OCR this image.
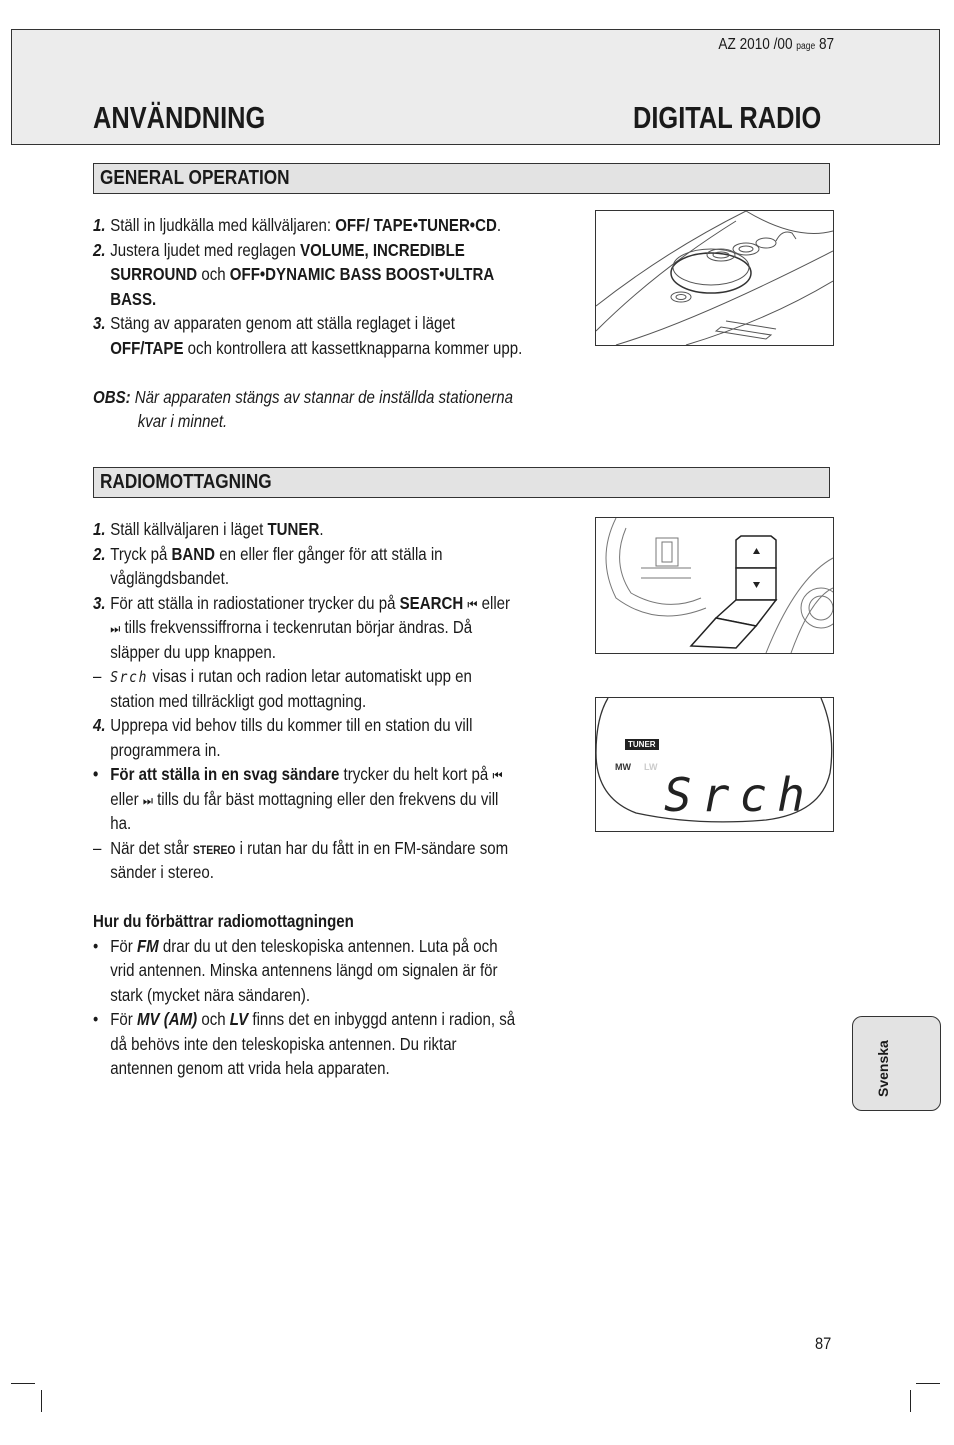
AZ 2010 /00 page 87
ANVÄNDNING	DIGITAL RADIO
GENERAL OPERATION
1. Ställ in ljudkälla med källväljaren: OFF/ TAPE•TUNER•CD.
2. Justera ljudet med reglagen VOLUME, INCREDIBLE
SURROUND och OFF•DYNAMIC BASS BOOST•ULTRA
BASS.
3. Stäng av apparaten genom att ställa reglaget i läget
OFF/TAPE och kontrollera att kassettknapparna kommer upp.
OBS: När apparaten stängs av stannar de inställda stationerna
kvar i minnet.
RADIOMOTTAGNING
1. Ställ källväljaren i läget TUNER.
2. Tryck på BAND en eller fler gånger för att ställa in
våglängdsbandet.
3. För att ställa in radiostationer trycker du på SEARCH ⏮ eller
⏭ tills frekvenssiffrorna i teckenrutan börjar ändras. Då
släpper du upp knappen.
– Srch visas i rutan och radion letar automatiskt upp en
station med tillräckligt god mottagning.
4. Upprepa vid behov tills du kommer till en station du vill
programmera in.
• För att ställa in en svag sändare trycker du helt kort på ⏮
eller ⏭ tills du får bäst mottagning eller den frekvens du vill
ha.
– När det står STEREO i rutan har du fått in en FM-sändare som
sänder i stereo.
Hur du förbättrar radiomottagningen
• För FM drar du ut den teleskopiska antennen. Luta på och
vrid antennen. Minska antennens längd om signalen är för
stark (mycket nära sändaren).
• För MV (AM) och LV finns det en inbyggd antenn i radion, så
då behövs inte den teleskopiska antennen. Du riktar
antennen genom att vrida hela apparaten.
TUNER
MW LW
Srch
Svenska
87
